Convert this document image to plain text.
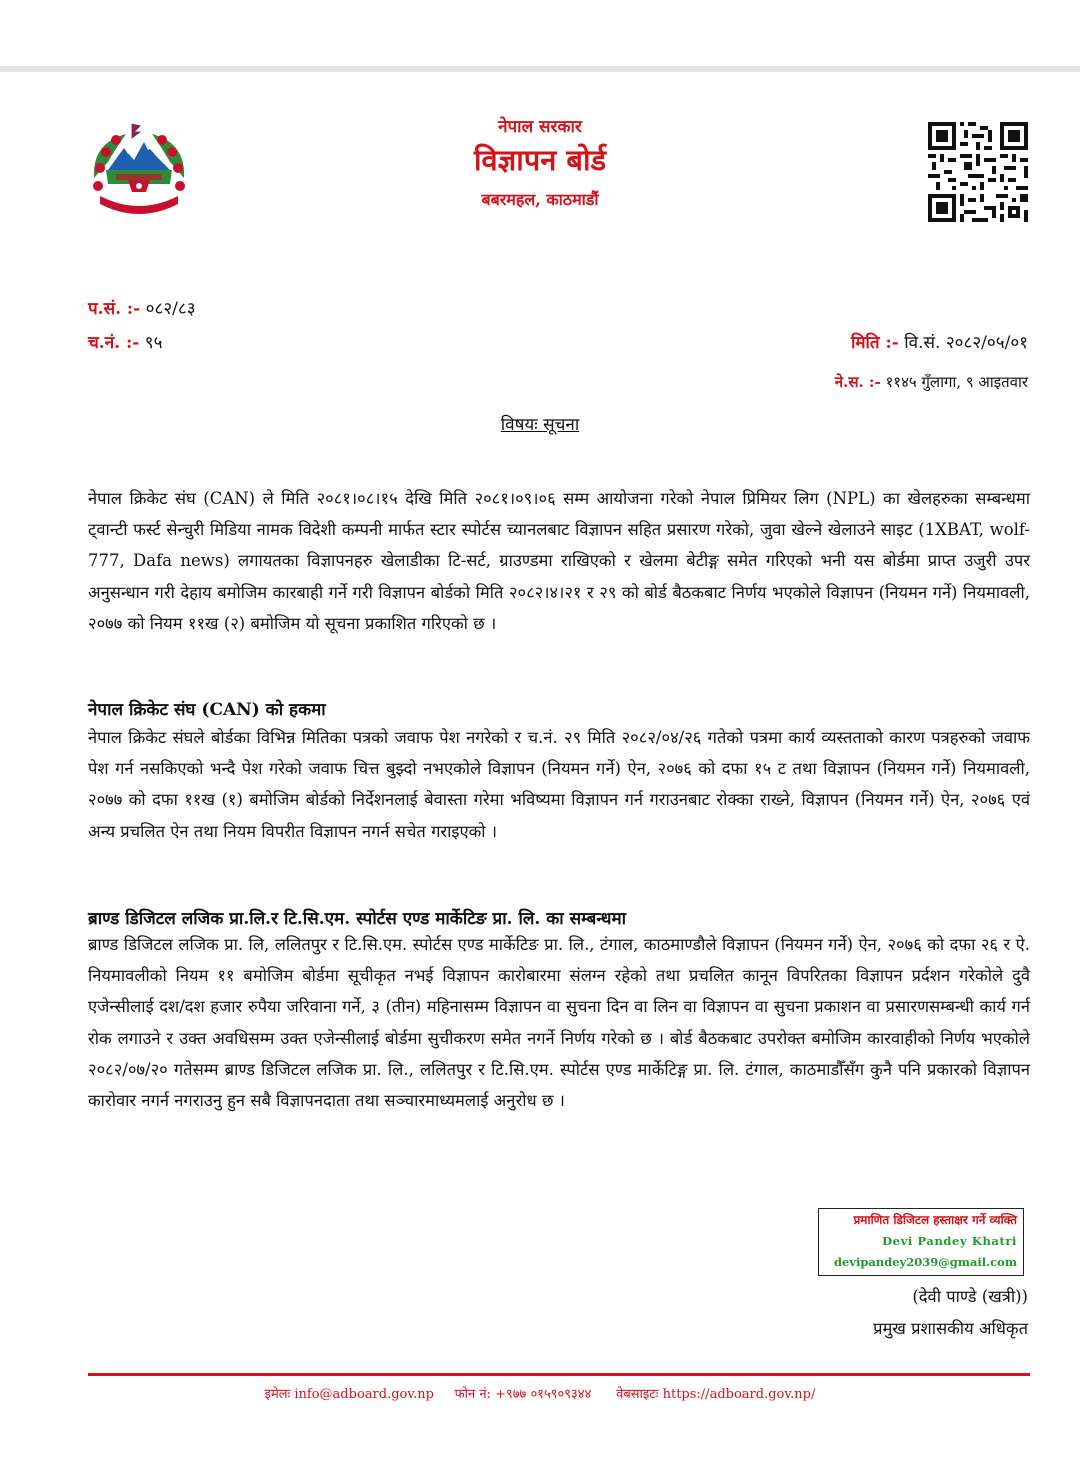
नेपाल सरकार
विज्ञापन बोर्ड
बबरमहल, काठमाडौं
प.सं. :- ०८२/८३
च.नं. :- ९५	मिति :- वि.सं. २०८२/०५/०१
ने.स. :- ११४५ गुँलागा, ९ आइतवार
विषयः सूचना

नेपाल क्रिकेट संघ (CAN) ले मिति २०८१।०८।१५ देखि मिति २०८१।०९।०६ सम्म आयोजना गरेको नेपाल प्रिमियर लिग (NPL) का खेलहरुका सम्बन्धमा ट्वान्टी फर्स्ट सेन्चुरी मिडिया नामक विदेशी कम्पनी मार्फत स्टार स्पोर्टस च्यानलबाट विज्ञापन सहित प्रसारण गरेको, जुवा खेल्ने खेलाउने साइट (1XBAT, wolf-777, Dafa news) लगायतका विज्ञापनहरु खेलाडीका टि-सर्ट, ग्राउण्डमा राखिएको र खेलमा बेटीङ्ग समेत गरिएको भनी यस बोर्डमा प्राप्त उजुरी उपर अनुसन्धान गरी देहाय बमोजिम कारबाही गर्ने गरी विज्ञापन बोर्डको मिति २०८२।४।२१ र २९ को बोर्ड बैठकबाट निर्णय भएकोले विज्ञापन (नियमन गर्ने) नियमावली, २०७७ को नियम ११ख (२) बमोजिम यो सूचना प्रकाशित गरिएको छ ।

नेपाल क्रिकेट संघ (CAN) को हकमा

नेपाल क्रिकेट संघले बोर्डका विभिन्न मितिका पत्रको जवाफ पेश नगरेको र च.नं. २९ मिति २०८२/०४/२६ गतेको पत्रमा कार्य व्यस्तताको कारण पत्रहरुको जवाफ पेश गर्न नसकिएको भन्दै पेश गरेको जवाफ चित्त बुझ्दो नभएकोले विज्ञापन (नियमन गर्ने) ऐन, २०७६ को दफा १५ ट तथा विज्ञापन (नियमन गर्ने) नियमावली, २०७७ को दफा ११ख (१) बमोजिम बोर्डको निर्देशनलाई बेवास्ता गरेमा भविष्यमा विज्ञापन गर्न गराउनबाट रोक्का राख्ने, विज्ञापन (नियमन गर्ने) ऐन, २०७६ एवं अन्य प्रचलित ऐन तथा नियम विपरीत विज्ञापन नगर्न सचेत गराइएको ।

ब्राण्ड डिजिटल लजिक प्रा.लि.र टि.सि.एम. स्पोर्टस एण्ड मार्केटिङ प्रा. लि. का सम्बन्धमा

ब्राण्ड डिजिटल लजिक प्रा. लि, ललितपुर र टि.सि.एम. स्पोर्टस एण्ड मार्केटिङ प्रा. लि., टंगाल, काठमाण्डौले विज्ञापन (नियमन गर्ने) ऐन, २०७६ को दफा २६ र ऐ. नियमावलीको नियम ११ बमोजिम बोर्डमा सूचीकृत नभई विज्ञापन कारोबारमा संलग्न रहेको तथा प्रचलित कानून विपरितका विज्ञापन प्रर्दशन गरेकोले दुवै एजेन्सीलाई दश/दश हजार रुपैया जरिवाना गर्ने, ३ (तीन) महिनासम्म विज्ञापन वा सुचना दिन वा लिन वा विज्ञापन वा सुचना प्रकाशन वा प्रसारणसम्बन्धी कार्य गर्न रोक लगाउने र उक्त अवधिसम्म उक्त एजेन्सीलाई बोर्डमा सुचीकरण समेत नगर्ने निर्णय गरेको छ । बोर्ड बैठकबाट उपरोक्त बमोजिम कारवाहीको निर्णय भएकोले २०८२/०७/२० गतेसम्म ब्राण्ड डिजिटल लजिक प्रा. लि., ललितपुर र टि.सि.एम. स्पोर्टस एण्ड मार्केटिङ्ग प्रा. लि. टंगाल, काठमाडौँसँग कुनै पनि प्रकारको विज्ञापन कारोवार नगर्न नगराउनु हुन सबै विज्ञापनदाता तथा सञ्चारमाध्यमलाई अनुरोध छ ।

प्रमाणित डिजिटल हस्ताक्षर गर्ने व्यक्ति
Devi Pandey Khatri
devipandey2039@gmail.com
(देवी पाण्डे (खत्री))
प्रमुख प्रशासकीय अधिकृत
इमेलः info@adboard.gov.np फोन नं: +९७७ ०१५९०९३४४ वेबसाइटः https://adboard.gov.np/
